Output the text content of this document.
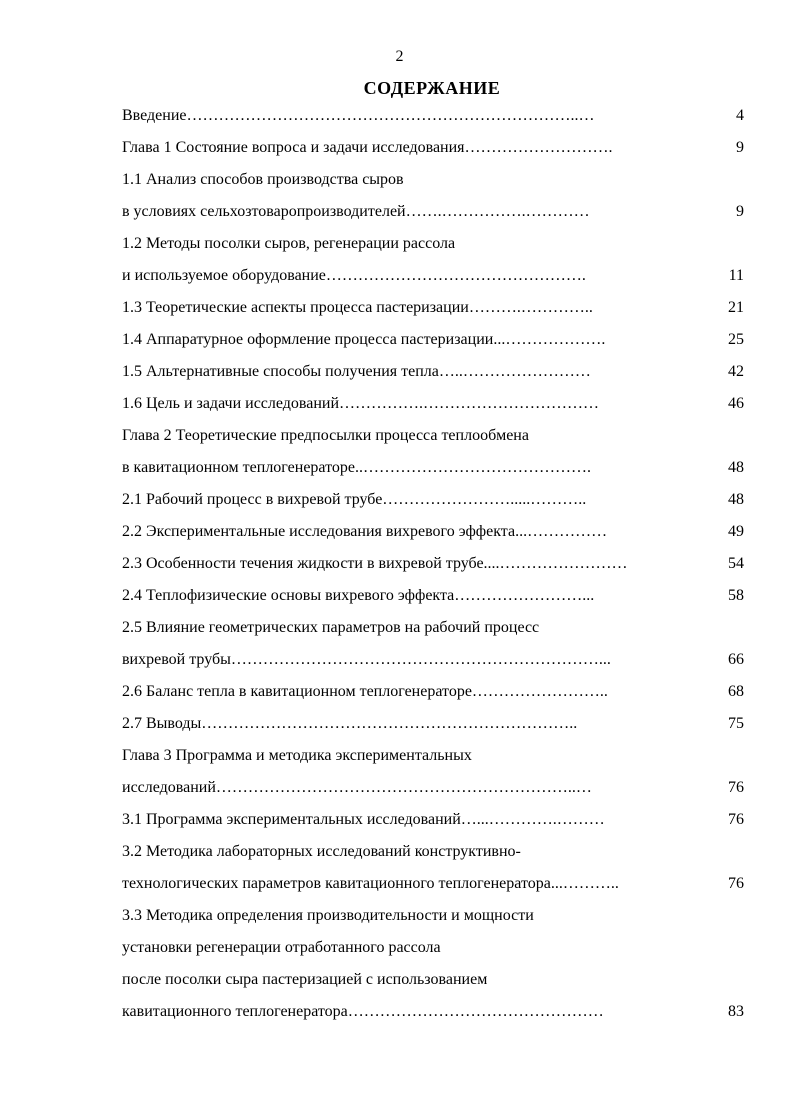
2
СОДЕРЖАНИЕ
Введение………………………………………………………………..…	4
Глава 1 Состояние вопроса и задачи исследования……………………….	9
1.1 Анализ способов производства сыров
в условиях сельхозтоваропроизводителей…….…………….…………	9
1.2 Методы посолки сыров, регенерации рассола
и используемое оборудование………………………………………….	11
1.3 Теоретические аспекты процесса пастеризации……….…………..	21
1.4 Аппаратурное оформление процесса пастеризации...……………….	25
1.5 Альтернативные способы получения тепла…..……………………	42
1.6 Цель и задачи исследований…………….……………………………	46
Глава 2 Теоретические предпосылки процесса теплообмена
в кавитационном теплогенераторе..…………………………………….	48
2.1 Рабочий процесс в вихревой трубе…………………….....………..	48
2.2 Экспериментальные исследования вихревого эффекта...……………	49
2.3 Особенности течения жидкости в вихревой трубе....……………………	54
2.4 Теплофизические основы вихревого эффекта……………………...	58
2.5 Влияние геометрических параметров на рабочий процесс
вихревой трубы……………………………………………………………...	66
2.6 Баланс тепла в кавитационном теплогенераторе……………………..	68
2.7 Выводы……………………………………………………………..	75
Глава 3 Программа и методика экспериментальных
исследований…………………………………………………………..…	76
3.1 Программа экспериментальных исследований…...………….………	76
3.2 Методика лабораторных исследований конструктивно-
технологических параметров кавитационного теплогенератора...………..	76
3.3 Методика определения производительности и мощности
установки регенерации отработанного рассола
после посолки сыра пастеризацией с использованием
кавитационного теплогенератора…………………………………………	83
